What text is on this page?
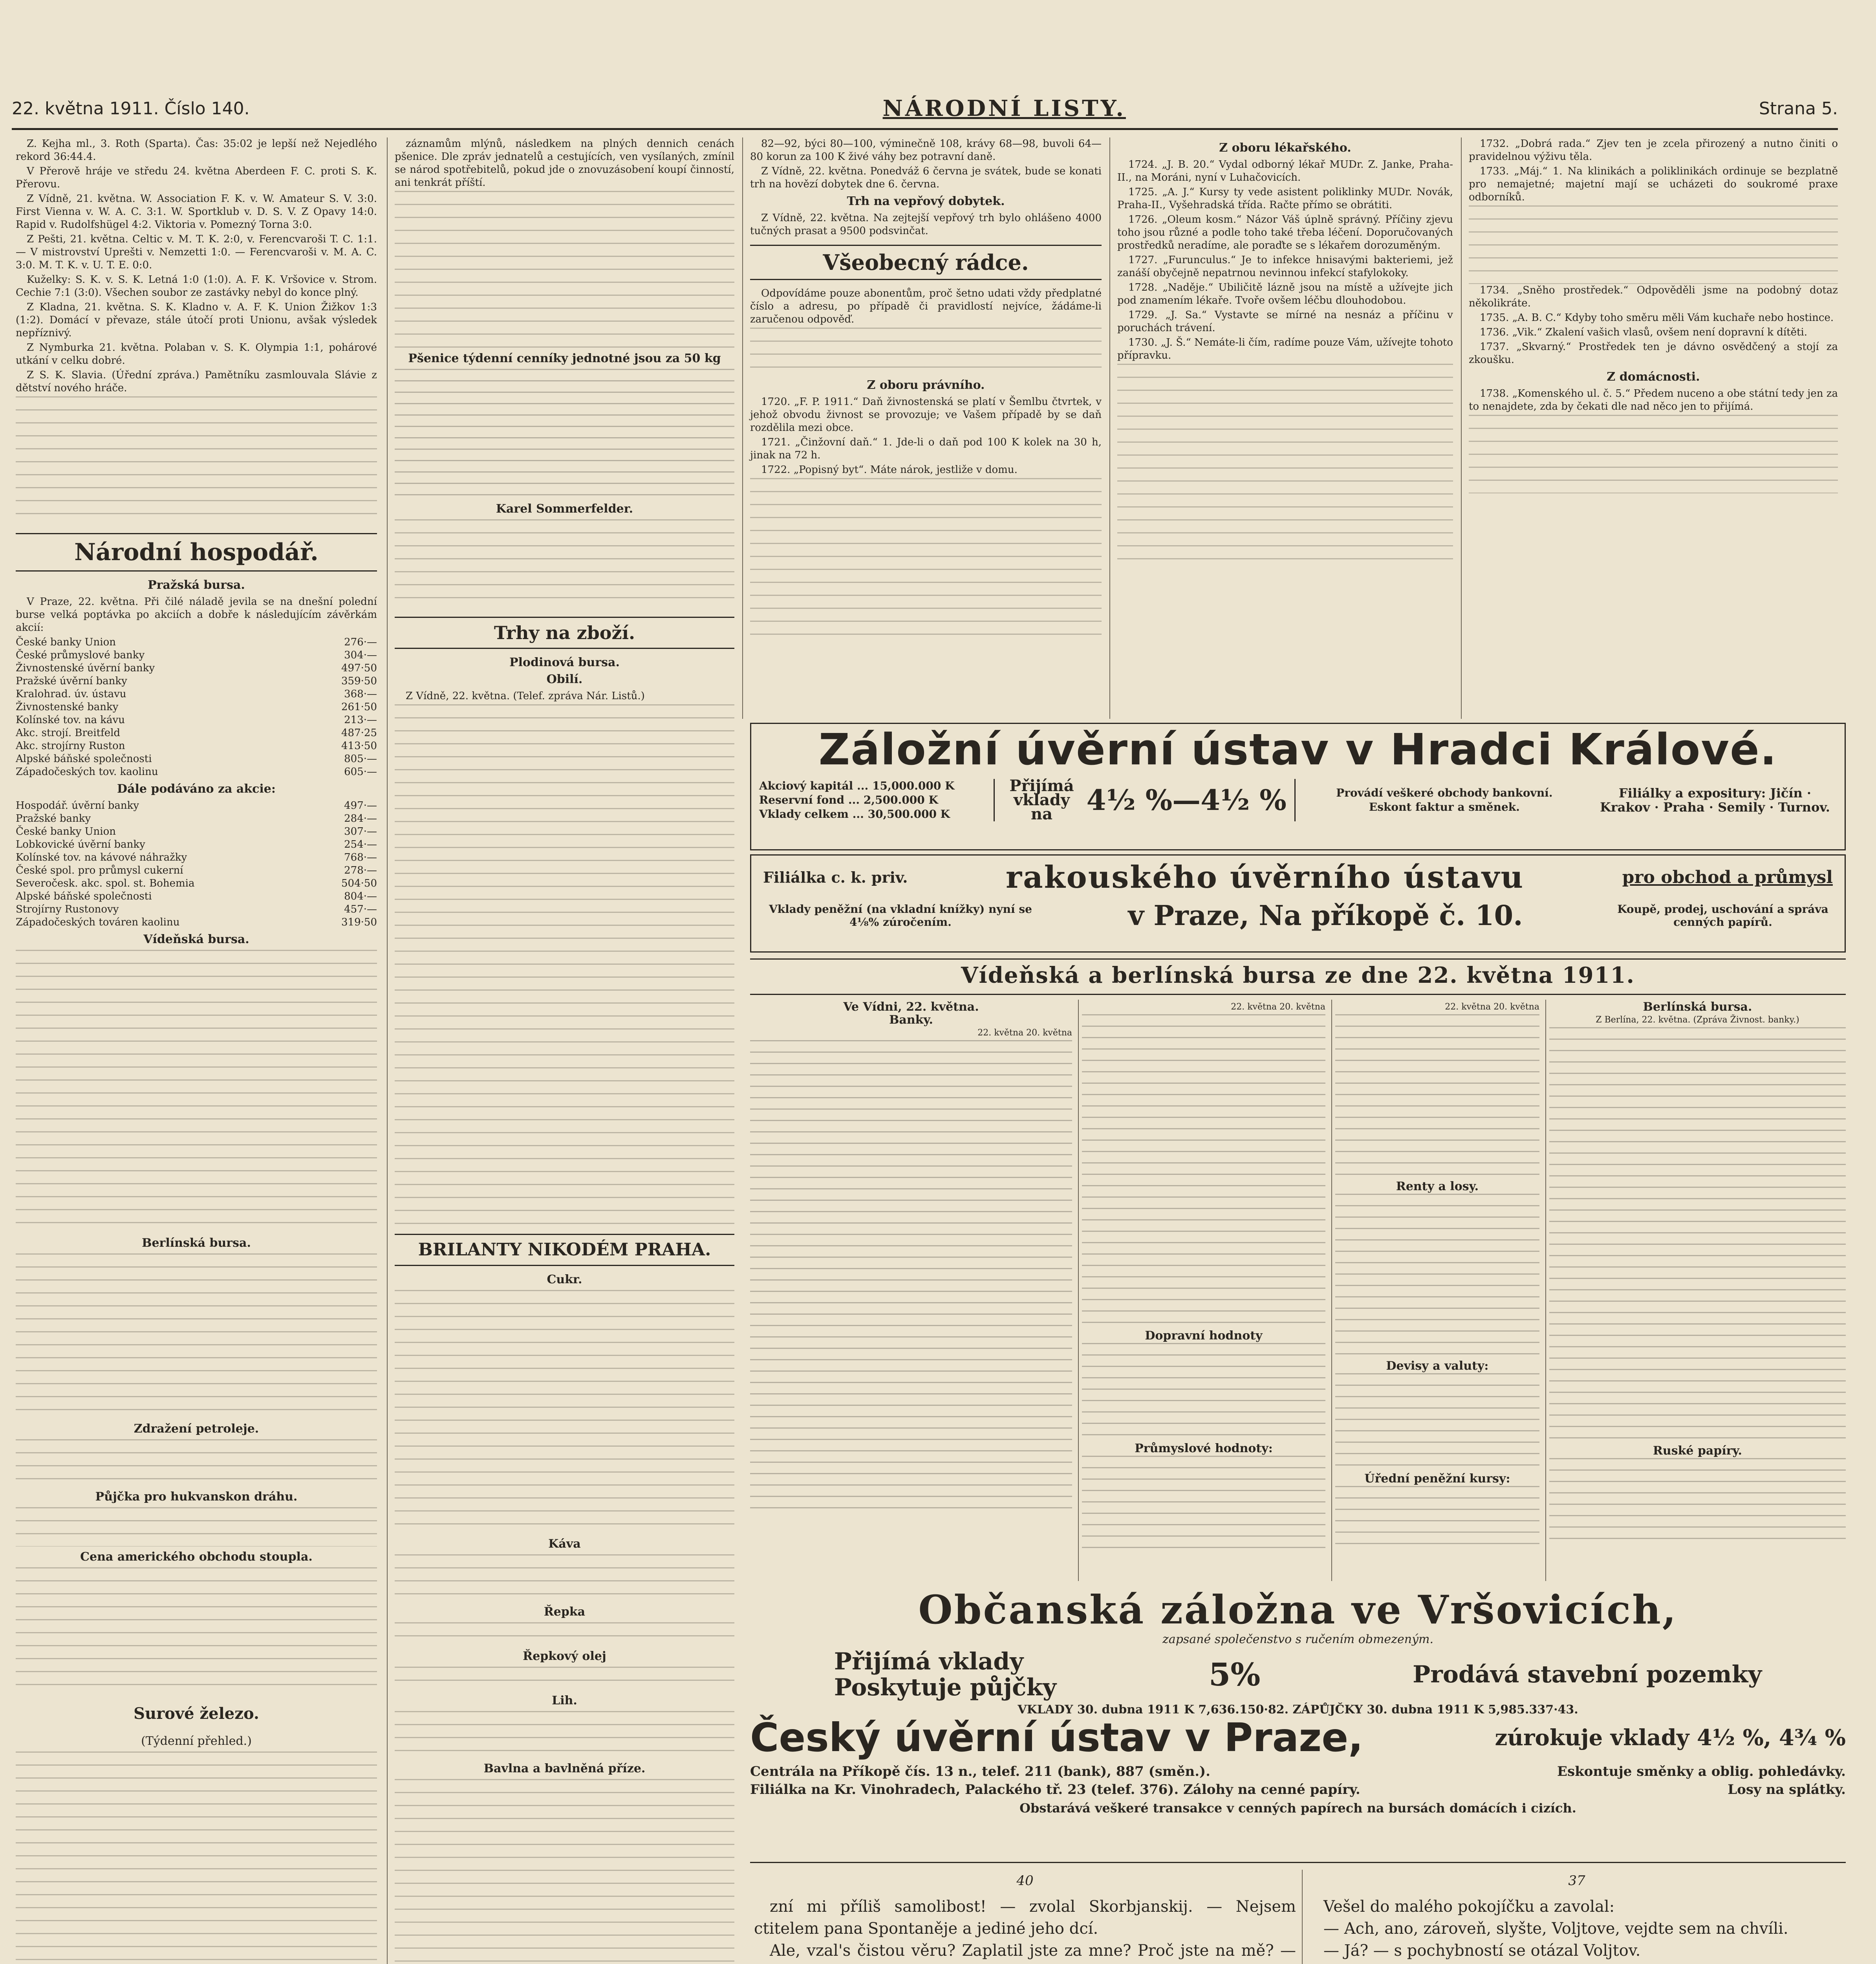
22. května 1911. Číslo 140.	NÁRODNÍ LISTY.	Strana 5.

Z. Kejha ml., 3. Roth (Sparta). Čas: 35:02 je lepší než Nejedlého rekord 36:44.4.

V Přerově hráje ve středu 24. května Aberdeen F. C. proti S. K. Přerovu.

Z Vídně, 21. května. W. Association F. K. v. W. Amateur S. V. 3:0. First Vienna v. W. A. C. 3:1. W. Sportklub v. D. S. V. Z Opavy 14:0. Rapid v. Rudolfshügel 4:2. Viktoria v. Pomezný Torna 3:0.

Z Pešti, 21. května. Celtic v. M. T. K. 2:0, v. Ferencvaroši T. C. 1:1. — V mistrovství Uprešti v. Nemzetti 1:0. — Ferencvaroši v. M. A. C. 3:0. M. T. K. v. U. T. E. 0:0.

Kuželky: S. K. v. S. K. Letná 1:0 (1:0). A. F. K. Vršovice v. Strom. Cechie 7:1 (3:0). Všechen soubor ze zastávky nebyl do konce plný.

Z Kladna, 21. května. S. K. Kladno v. A. F. K. Union Žižkov 1:3 (1:2). Domácí v převaze, stále útočí proti Unionu, avšak výsledek nepříznivý.

Z Nymburka 21. května. Polaban v. S. K. Olympia 1:1, pohárové utkání v celku dobré.

Z S. K. Slavia. (Úřední zpráva.) Pamětníku zasmlouvala Slávie z dětství nového hráče.

Národní hospodář.
Pražská bursa.

V Praze, 22. května. Při čilé náladě jevila se na dnešní polední burse velká poptávka po akciích a dobře k následujícím závěrkám akcií:

České banky Union	276·—
České průmyslové banky	304·—
Živnostenské úvěrní banky	497·50
Pražské úvěrní banky	359·50
Kralohrad. úv. ústavu	368·—
Živnostenské banky	261·50
Kolínské tov. na kávu	213·—
Akc. strojí. Breitfeld	487·25
Akc. strojírny Ruston	413·50
Alpské báňské společnosti	805·—
Západočeských tov. kaolinu	605·—
Dále podáváno za akcie:
Hospodář. úvěrní banky	497·—
Pražské banky	284·—
České banky Union	307·—
Lobkovické úvěrní banky	254·—
Kolínské tov. na kávové náhražky	768·—
České spol. pro průmysl cukerní	278·—
Severočesk. akc. spol. st. Bohemia	504·50
Alpské báňské společnosti	804·—
Strojírny Rustonovy	457·—
Západočeských továren kaolinu	319·50
Vídeňská bursa.
Berlínská bursa.
Zdražení petroleje.
Půjčka pro hukvanskon dráhu.
Cena amerického obchodu stoupla.
Surové železo.
(Týdenní přehled.)

záznamům mlýnů, následkem na plných dennich cenách pšenice. Dle zpráv jednatelů a cestujících, ven vysílaných, zmínil se národ spotřebitelů, pokud jde o znovuzásobení koupí činností, ani tenkrát příští.

Pšenice týdenní cenníky jednotné jsou za 50 kg
Karel Sommerfelder.
Trhy na zboží.
Plodinová bursa.
Obilí.

Z Vídně, 22. května. (Telef. zpráva Nár. Listů.)

BRILANTY NIKODÉM PRAHA.
Cukr.
Káva
Řepka
Řepkový olej
Lih.
Bavlna a bavlněná příze.

82—92, býci 80—100, výminečně 108, krávy 68—98, buvoli 64—80 korun za 100 K živé váhy bez potravní daně.

Z Vídně, 22. května. Ponedváž 6 června je svátek, bude se konati trh na hovězí dobytek dne 6. června.

Trh na vepřový dobytek.

Z Vídně, 22. května. Na zejtejší vepřový trh bylo ohlášeno 4000 tučných prasat a 9500 podsvinčat.

Všeobecný rádce.

Odpovídáme pouze abonentům, proč šetno udati vždy předplatné číslo a adresu, po případě či pravidlostí nejvíce, žádáme-li zaručenou odpověď.

Z oboru právního.

1720. „F. P. 1911.“ Daň živnostenská se platí v Šemlbu čtvrtek, v jehož obvodu živnost se provozuje; ve Vašem případě by se daň rozdělila mezi obce.

1721. „Činžovní daň.“ 1. Jde-li o daň pod 100 K kolek na 30 h, jinak na 72 h.

1722. „Popisný byt“. Máte nárok, jestliže v domu.

Z oboru lékařského.

1724. „J. B. 20.“ Vydal odborný lékař MUDr. Z. Janke, Praha-II., na Moráni, nyní v Luhačovicích.

1725. „A. J.“ Kursy ty vede asistent poliklinky MUDr. Novák, Praha-II., Vyšehradská třída. Račte přímo se obrátiti.

1726. „Oleum kosm.“ Názor Váš úplně správný. Příčiny zjevu toho jsou různé a podle toho také třeba léčení. Doporučovaných prostředků neradíme, ale poraďte se s lékařem dorozuměným.

1727. „Furunculus.“ Je to infekce hnisavými bakteriemi, jež zanáší obyčejně nepatrnou nevinnou infekcí stafylokoky.

1728. „Naděje.“ Ubiličitě lázně jsou na místě a užívejte jich pod znamením lékaře. Tvoře ovšem léčbu dlouhodobou.

1729. „J. Sa.“ Vystavte se mírné na nesnáz a příčinu v poruchách trávení.

1730. „J. Š.“ Nemáte-li čím, radíme pouze Vám, užívejte tohoto přípravku.

1732. „Dobrá rada.“ Zjev ten je zcela přirozený a nutno činiti o pravidelnou výživu těla.

1733. „Máj.“ 1. Na klinikách a poliklinikách ordinuje se bezplatně pro nemajetné; majetní mají se ucházeti do soukromé praxe odborníků.

1734. „Sněho prostředek.“ Odpověděli jsme na podobný dotaz několikráte.

1735. „A. B. C.“ Kdyby toho směru měli Vám kuchaře nebo hostince.

1736. „Vik.“ Zkalení vašich vlasů, ovšem není dopravní k dítěti.

1737. „Skvarný.“ Prostředek ten je dávno osvědčený a stojí za zkoušku.

Z domácnosti.

1738. „Komenského ul. č. 5.“ Předem nuceno a obe státní tedy jen za to nenajdete, zda by čekati dle nad něco jen to přijímá.

Záložní úvěrní ústav v Hradci Králové.
Akciový kapitál ... 15,000.000 K
Reservní fond ... 2,500.000 K
Vklady celkem ... 30,500.000 K
Přijímá vklady na	4½ %—4½ %	Provádí veškeré obchody bankovní. Eskont faktur a směnek.
Filiálky a expositury: Jičín · Krakov · Praha · Semily · Turnov.
Filiálka c. k. priv.	rakouského úvěrního ústavu	pro obchod a průmysl
Vklady peněžní (na vkladní knížky) nyní se 4⅛% zúročením.	v Praze, Na příkopě č. 10.	Koupě, prodej, uschování a správa cenných papírů.
Vídeňská a berlínská bursa ze dne 22. května 1911.
Ve Vídni, 22. května.
Banky.
22. května 20. května
22. května 20. května
Dopravní hodnoty
Průmyslové hodnoty:
22. května 20. května
Renty a losy.
Devisy a valuty:
Úřední peněžní kursy:
Berlínská bursa.
Z Berlína, 22. května. (Zpráva Živnost. banky.)
Ruské papíry.
Občanská záložna ve Vršovicích,
zapsané společenstvo s ručením obmezeným.
Přijímá vklady
Poskytuje půjčky	5%	Prodává stavební pozemky
VKLADY 30. dubna 1911 K 7,636.150·82. ZÁPŮJČKY 30. dubna 1911 K 5,985.337·43.
Český úvěrní ústav v Praze,	zúrokuje vklady 4½ %, 4¾ %
Centrála na Příkopě čís. 13 n., telef. 211 (bank), 887 (směn.).	Eskontuje směnky a oblig. pohledávky.
Filiálka na Kr. Vinohradech, Palackého tř. 23 (telef. 376). Zálohy na cenné papíry.	Losy na splátky.
Obstarává veškeré transakce v cenných papírech na bursách domácích i cizích.
40

zní mi příliš samolibost! — zvolal Skorbjanskij. — Nejsem ctitelem pana Spontaněje a jediné jeho dcí.

Ale, vzal's čistou věru? Zaplatil jste za mne? Proč jste na mě? —

37

Vešel do malého pokojíčku a zavolal:

— Ach, ano, zároveň, slyšte, Voljtove, vejdte sem na chvíli.

— Já? — s pochybností se otázal Voljtov.
